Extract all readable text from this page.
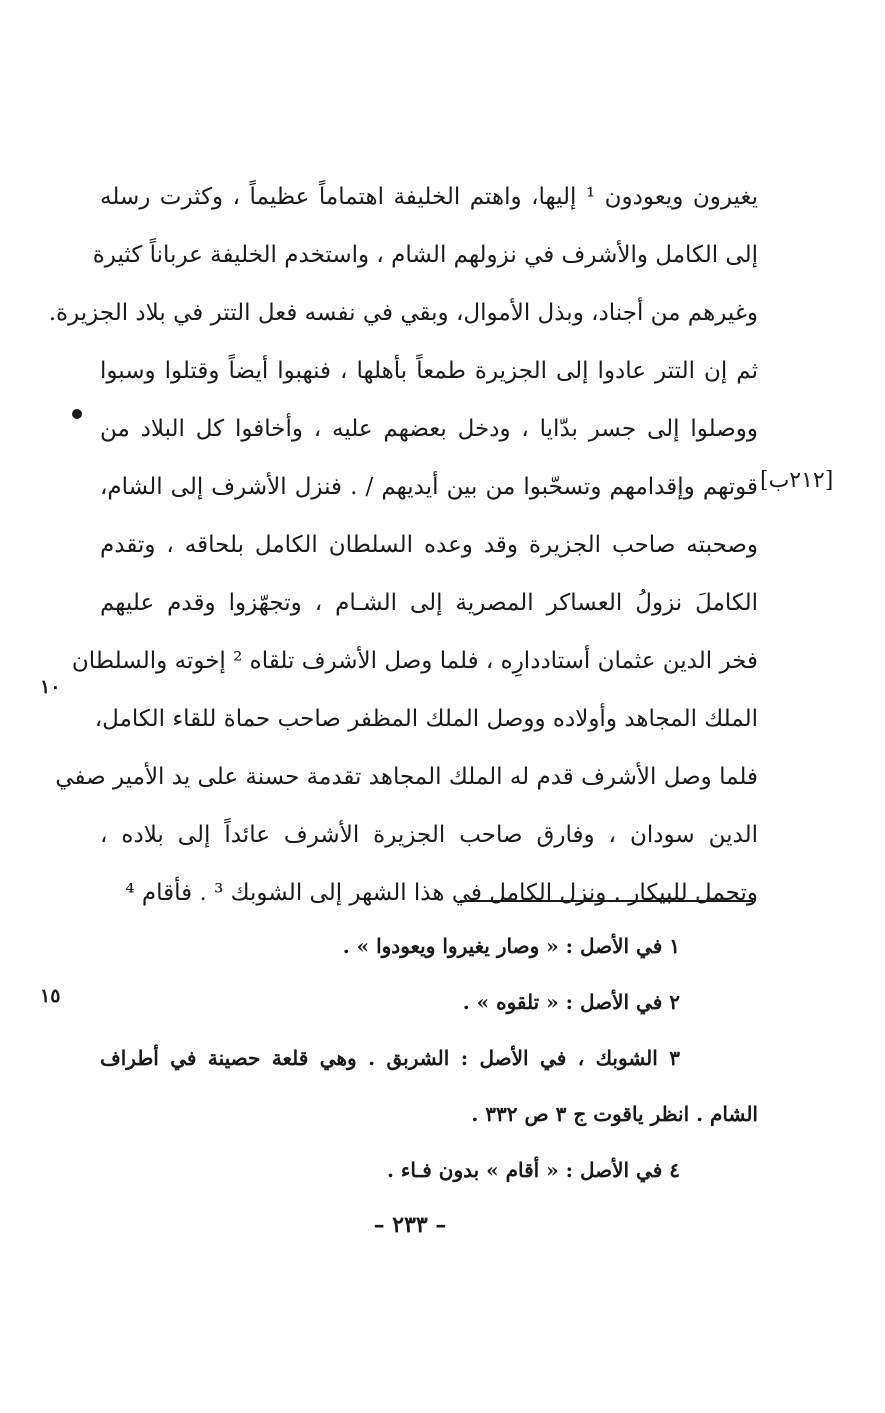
يغيرون ويعودون ¹ إليها، واهتم الخليفة اهتماماً عظيماً ، وكثرت رسله
إلى الكامل والأشرف في نزولهم الشام ، واستخدم الخليفة عرباناً كثيرة
وغيرهم من أجناد، وبذل الأموال، وبقي في نفسه فعل التتر في بلاد الجزيرة.
ثم إن التتر عادوا إلى الجزيرة طمعاً بأهلها ، فنهبوا أيضاً وقتلوا وسبوا
ووصلوا إلى جسر بدّايا ، ودخل بعضهم عليه ، وأخافوا كل البلاد من
قوتهم وإقدامهم وتسحّبوا من بين أيديهم / . فنزل الأشرف إلى الشام،
وصحبته صاحب الجزيرة وقد وعده السلطان الكامل بلحاقه ، وتقدم
الكاملَ نزولُ العساكر المصرية إلى الشـام ، وتجهّزوا وقدم عليهم
فخر الدين عثمان أستاددارِه ، فلما وصل الأشرف تلقاه ² إخوته والسلطان
الملك المجاهد وأولاده ووصل الملك المظفر صاحب حماة للقاء الكامل،
فلما وصل الأشرف قدم له الملك المجاهد تقدمة حسنة على يد الأمير صفي
الدين سودان ، وفارق صاحب الجزيرة الأشرف عائداً إلى بلاده ،
وتحمل للبيكار . ونزل الكامل في هذا الشهر إلى الشوبك ³ . فأقام ⁴
[٢١٢ب]
١٠
١٥
١ في الأصل : « وصار يغيروا ويعودوا » .
٢ في الأصل : « تلقوه » .
٣ الشوبك ، في الأصل : الشربق . وهي قلعة حصينة في أطراف
الشام . انظر ياقوت ج ٣ ص ٣٣٢ .
٤ في الأصل : « أقام » بدون فـاء .
– ٢٣٣ –
